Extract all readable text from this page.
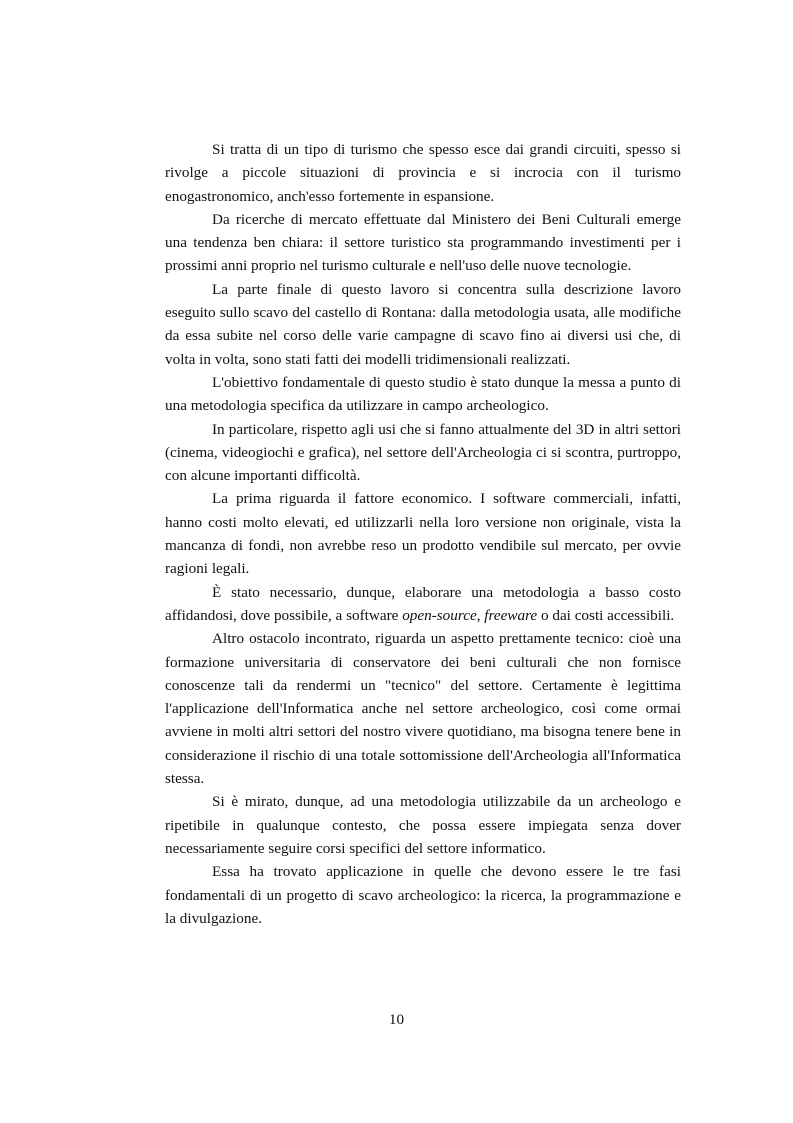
Si tratta di un tipo di turismo che spesso esce dai grandi circuiti, spesso si rivolge a piccole situazioni di provincia e si incrocia con il turismo enogastronomico, anch'esso fortemente in espansione.

Da ricerche di mercato effettuate dal Ministero dei Beni Culturali emerge una tendenza ben chiara: il settore turistico sta programmando investimenti per i prossimi anni proprio nel turismo culturale e nell'uso delle nuove tecnologie.

La parte finale di questo lavoro si concentra sulla descrizione lavoro eseguito sullo scavo del castello di Rontana: dalla metodologia usata, alle modifiche da essa subite nel corso delle varie campagne di scavo fino ai diversi usi che, di volta in volta, sono stati fatti dei modelli tridimensionali realizzati.

L'obiettivo fondamentale di questo studio è stato dunque la messa a punto di una metodologia specifica da utilizzare in campo archeologico.

In particolare, rispetto agli usi che si fanno attualmente del 3D in altri settori (cinema, videogiochi e grafica), nel settore dell'Archeologia ci si scontra, purtroppo, con alcune importanti difficoltà.

La prima riguarda il fattore economico. I software commerciali, infatti, hanno costi molto elevati, ed utilizzarli nella loro versione non originale, vista la mancanza di fondi, non avrebbe reso un prodotto vendibile sul mercato, per ovvie ragioni legali.

È stato necessario, dunque, elaborare una metodologia a basso costo affidandosi, dove possibile, a software open-source, freeware o dai costi accessibili.

Altro ostacolo incontrato, riguarda un aspetto prettamente tecnico: cioè una formazione universitaria di conservatore dei beni culturali che non fornisce conoscenze tali da rendermi un "tecnico" del settore. Certamente è legittima l'applicazione dell'Informatica anche nel settore archeologico, così come ormai avviene in molti altri settori del nostro vivere quotidiano, ma bisogna tenere bene in considerazione il rischio di una totale sottomissione dell'Archeologia all'Informatica stessa.

Si è mirato, dunque, ad una metodologia utilizzabile da un archeologo e ripetibile in qualunque contesto, che possa essere impiegata senza dover necessariamente seguire corsi specifici del settore informatico.

Essa ha trovato applicazione in quelle che devono essere le tre fasi fondamentali di un progetto di scavo archeologico: la ricerca, la programmazione e la divulgazione.

10
